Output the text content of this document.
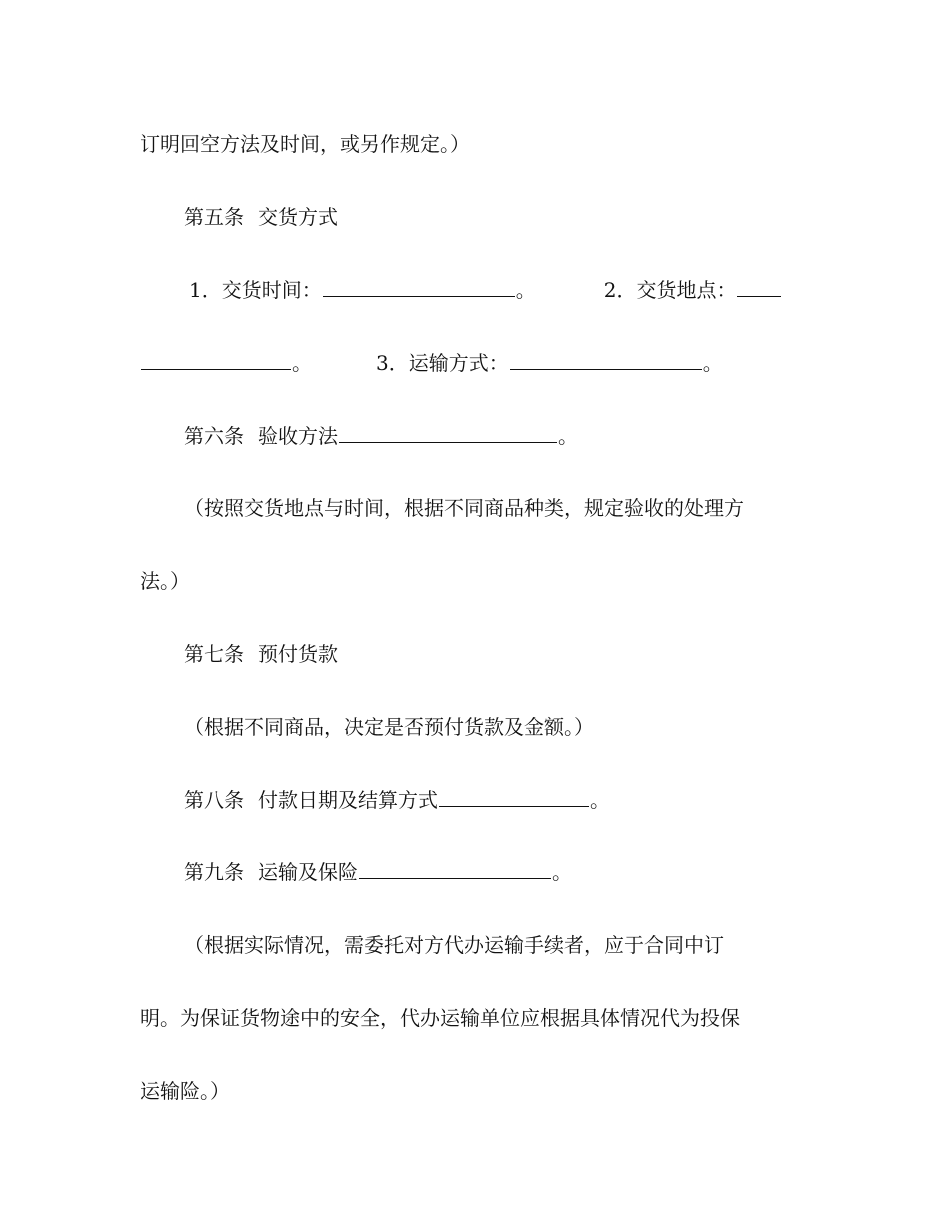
订明回空方法及时间，或另作规定。）
第五条 交货方式
1．交货时间：	。	2．交货地点：
。	3．运输方式：	。
第六条 验收方法	。
（按照交货地点与时间，根据不同商品种类，规定验收的处理方
法。）
第七条 预付货款
（根据不同商品，决定是否预付货款及金额。）
第八条 付款日期及结算方式	。
第九条 运输及保险	。
（根据实际情况，需委托对方代办运输手续者，应于合同中订
明。为保证货物途中的安全，代办运输单位应根据具体情况代为投保
运输险。）
